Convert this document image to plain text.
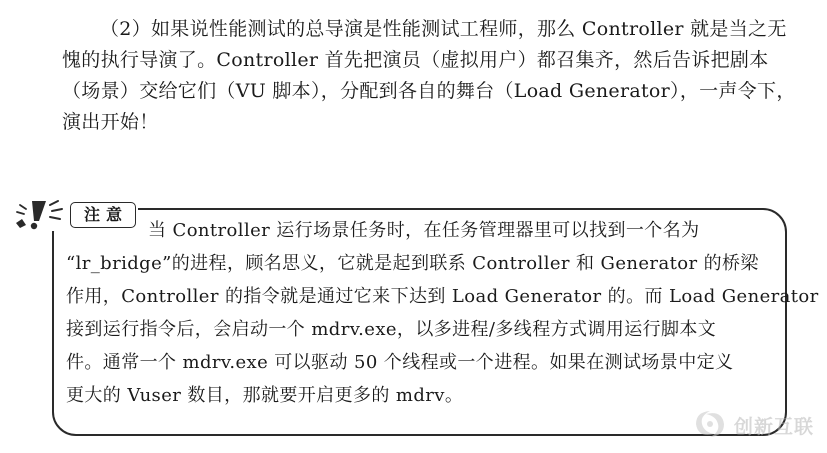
（2）如果说性能测试的总导演是性能测试工程师，那么 Controller 就是当之无
愧的执行导演了。Controller 首先把演员（虚拟用户）都召集齐，然后告诉把剧本
（场景）交给它们（VU 脚本），分配到各自的舞台（Load Generator），一声令下，
演出开始！
注意
当 Controller 运行场景任务时，在任务管理器里可以找到一个名为
“lr_bridge”的进程，顾名思义，它就是起到联系 Controller 和 Generator 的桥梁
作用，Controller 的指令就是通过它来下达到 Load Generator 的。而 Load Generator
接到运行指令后，会启动一个 mdrv.exe，以多进程/多线程方式调用运行脚本文
件。通常一个 mdrv.exe 可以驱动 50 个线程或一个进程。如果在测试场景中定义
更大的 Vuser 数目，那就要开启更多的 mdrv。
创新互联
